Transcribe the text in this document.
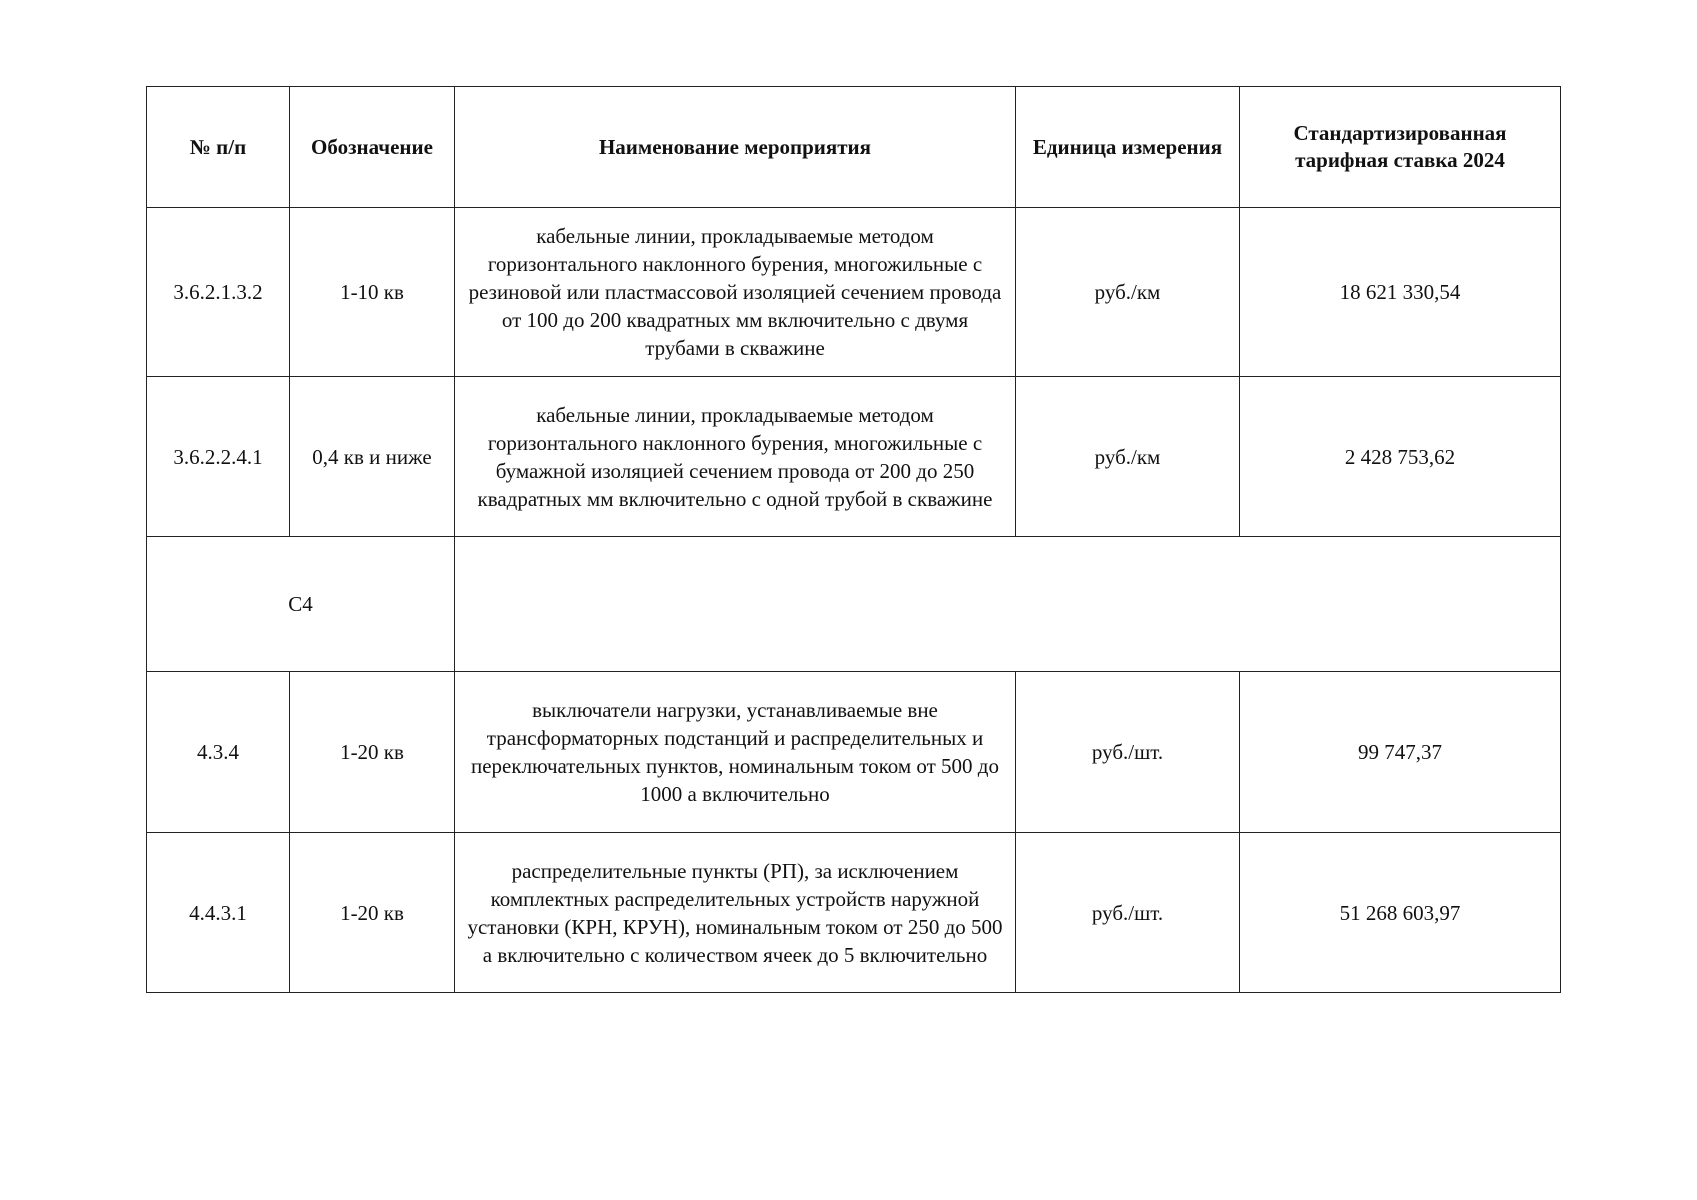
№ п/п	Обозначение	Наименование мероприятия	Единица измерения	Стандартизированная тарифная ставка 2024
3.6.2.1.3.2	1-10 кв	кабельные линии, прокладываемые методом горизонтального наклонного бурения, многожильные с резиновой или пластмассовой изоляцией сечением провода от 100 до 200 квадратных мм включительно с двумя трубами в скважине	руб./км	18 621 330,54
3.6.2.2.4.1	0,4 кв и ниже	кабельные линии, прокладываемые методом горизонтального наклонного бурения, многожильные с бумажной изоляцией сечением провода от 200 до 250 квадратных мм включительно с одной трубой в скважине	руб./км	2 428 753,62
С4				
4.3.4	1-20 кв	выключатели нагрузки, устанавливаемые вне трансформаторных подстанций и распределительных и переключательных пунктов, номинальным током от 500 до 1000 а включительно	руб./шт.	99 747,37
4.4.3.1	1-20 кв	распределительные пункты (РП), за исключением комплектных распределительных устройств наружной установки (КРН, КРУН), номинальным током от 250 до 500 а включительно с количеством ячеек до 5 включительно	руб./шт.	51 268 603,97
